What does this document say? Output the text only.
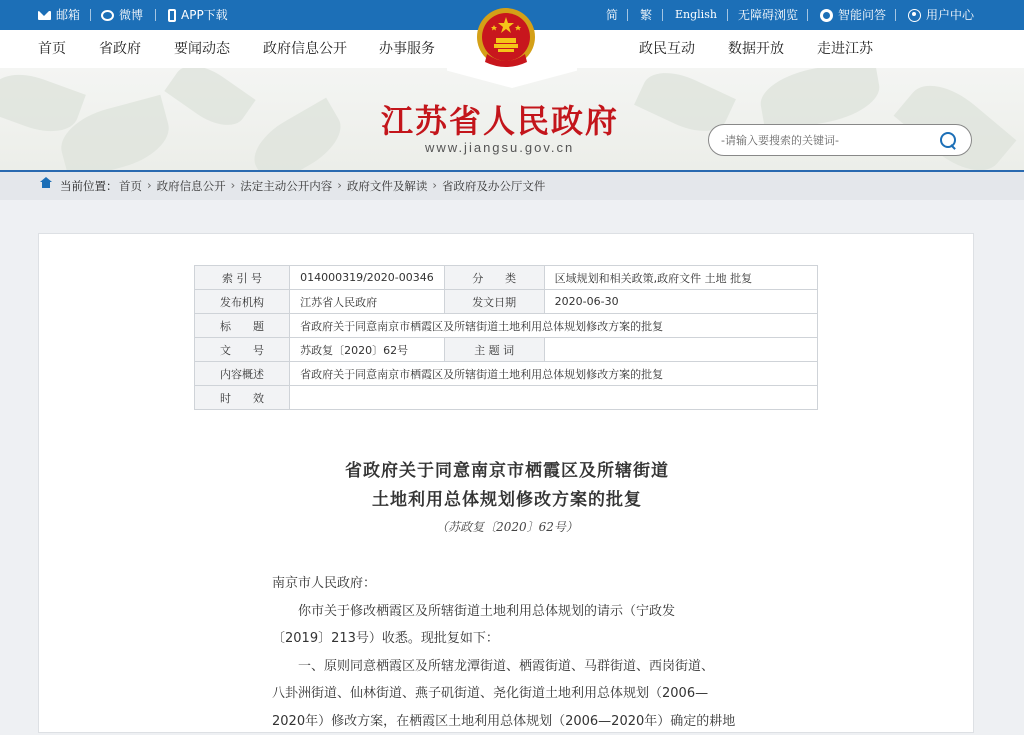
邮箱	微博	APP下载	简 繁 English 无障碍浏览	智能问答	用户中心
首页 省政府 要闻动态 政府信息公开 办事服务	政民互动 数据开放 走进江苏
江苏省人民政府
www.jiangsu.gov.cn
-请输入要搜索的关键词-
当前位置： 首页 › 政府信息公开 › 法定主动公开内容 › 政府文件及解读 › 省政府及办公厅文件
索 引 号	014000319/2020-00346	分　　类	区域规划和相关政策,政府文件 土地 批复
发布机构	江苏省人民政府	发文日期	2020-06-30
标　　题	省政府关于同意南京市栖霞区及所辖街道土地利用总体规划修改方案的批复		
文　　号	苏政复〔2020〕62号	主 题 词	
内容概述	省政府关于同意南京市栖霞区及所辖街道土地利用总体规划修改方案的批复		
时　　效			
省政府关于同意南京市栖霞区及所辖街道
土地利用总体规划修改方案的批复
（苏政复〔2020〕62号）

南京市人民政府：

你市关于修改栖霞区及所辖街道土地利用总体规划的请示（宁政发

〔2019〕213号）收悉。现批复如下：

一、原则同意栖霞区及所辖龙潭街道、栖霞街道、马群街道、西岗街道、

八卦洲街道、仙林街道、燕子矶街道、尧化街道土地利用总体规划（2006—

2020年）修改方案，在栖霞区土地利用总体规划（2006—2020年）确定的耕地
